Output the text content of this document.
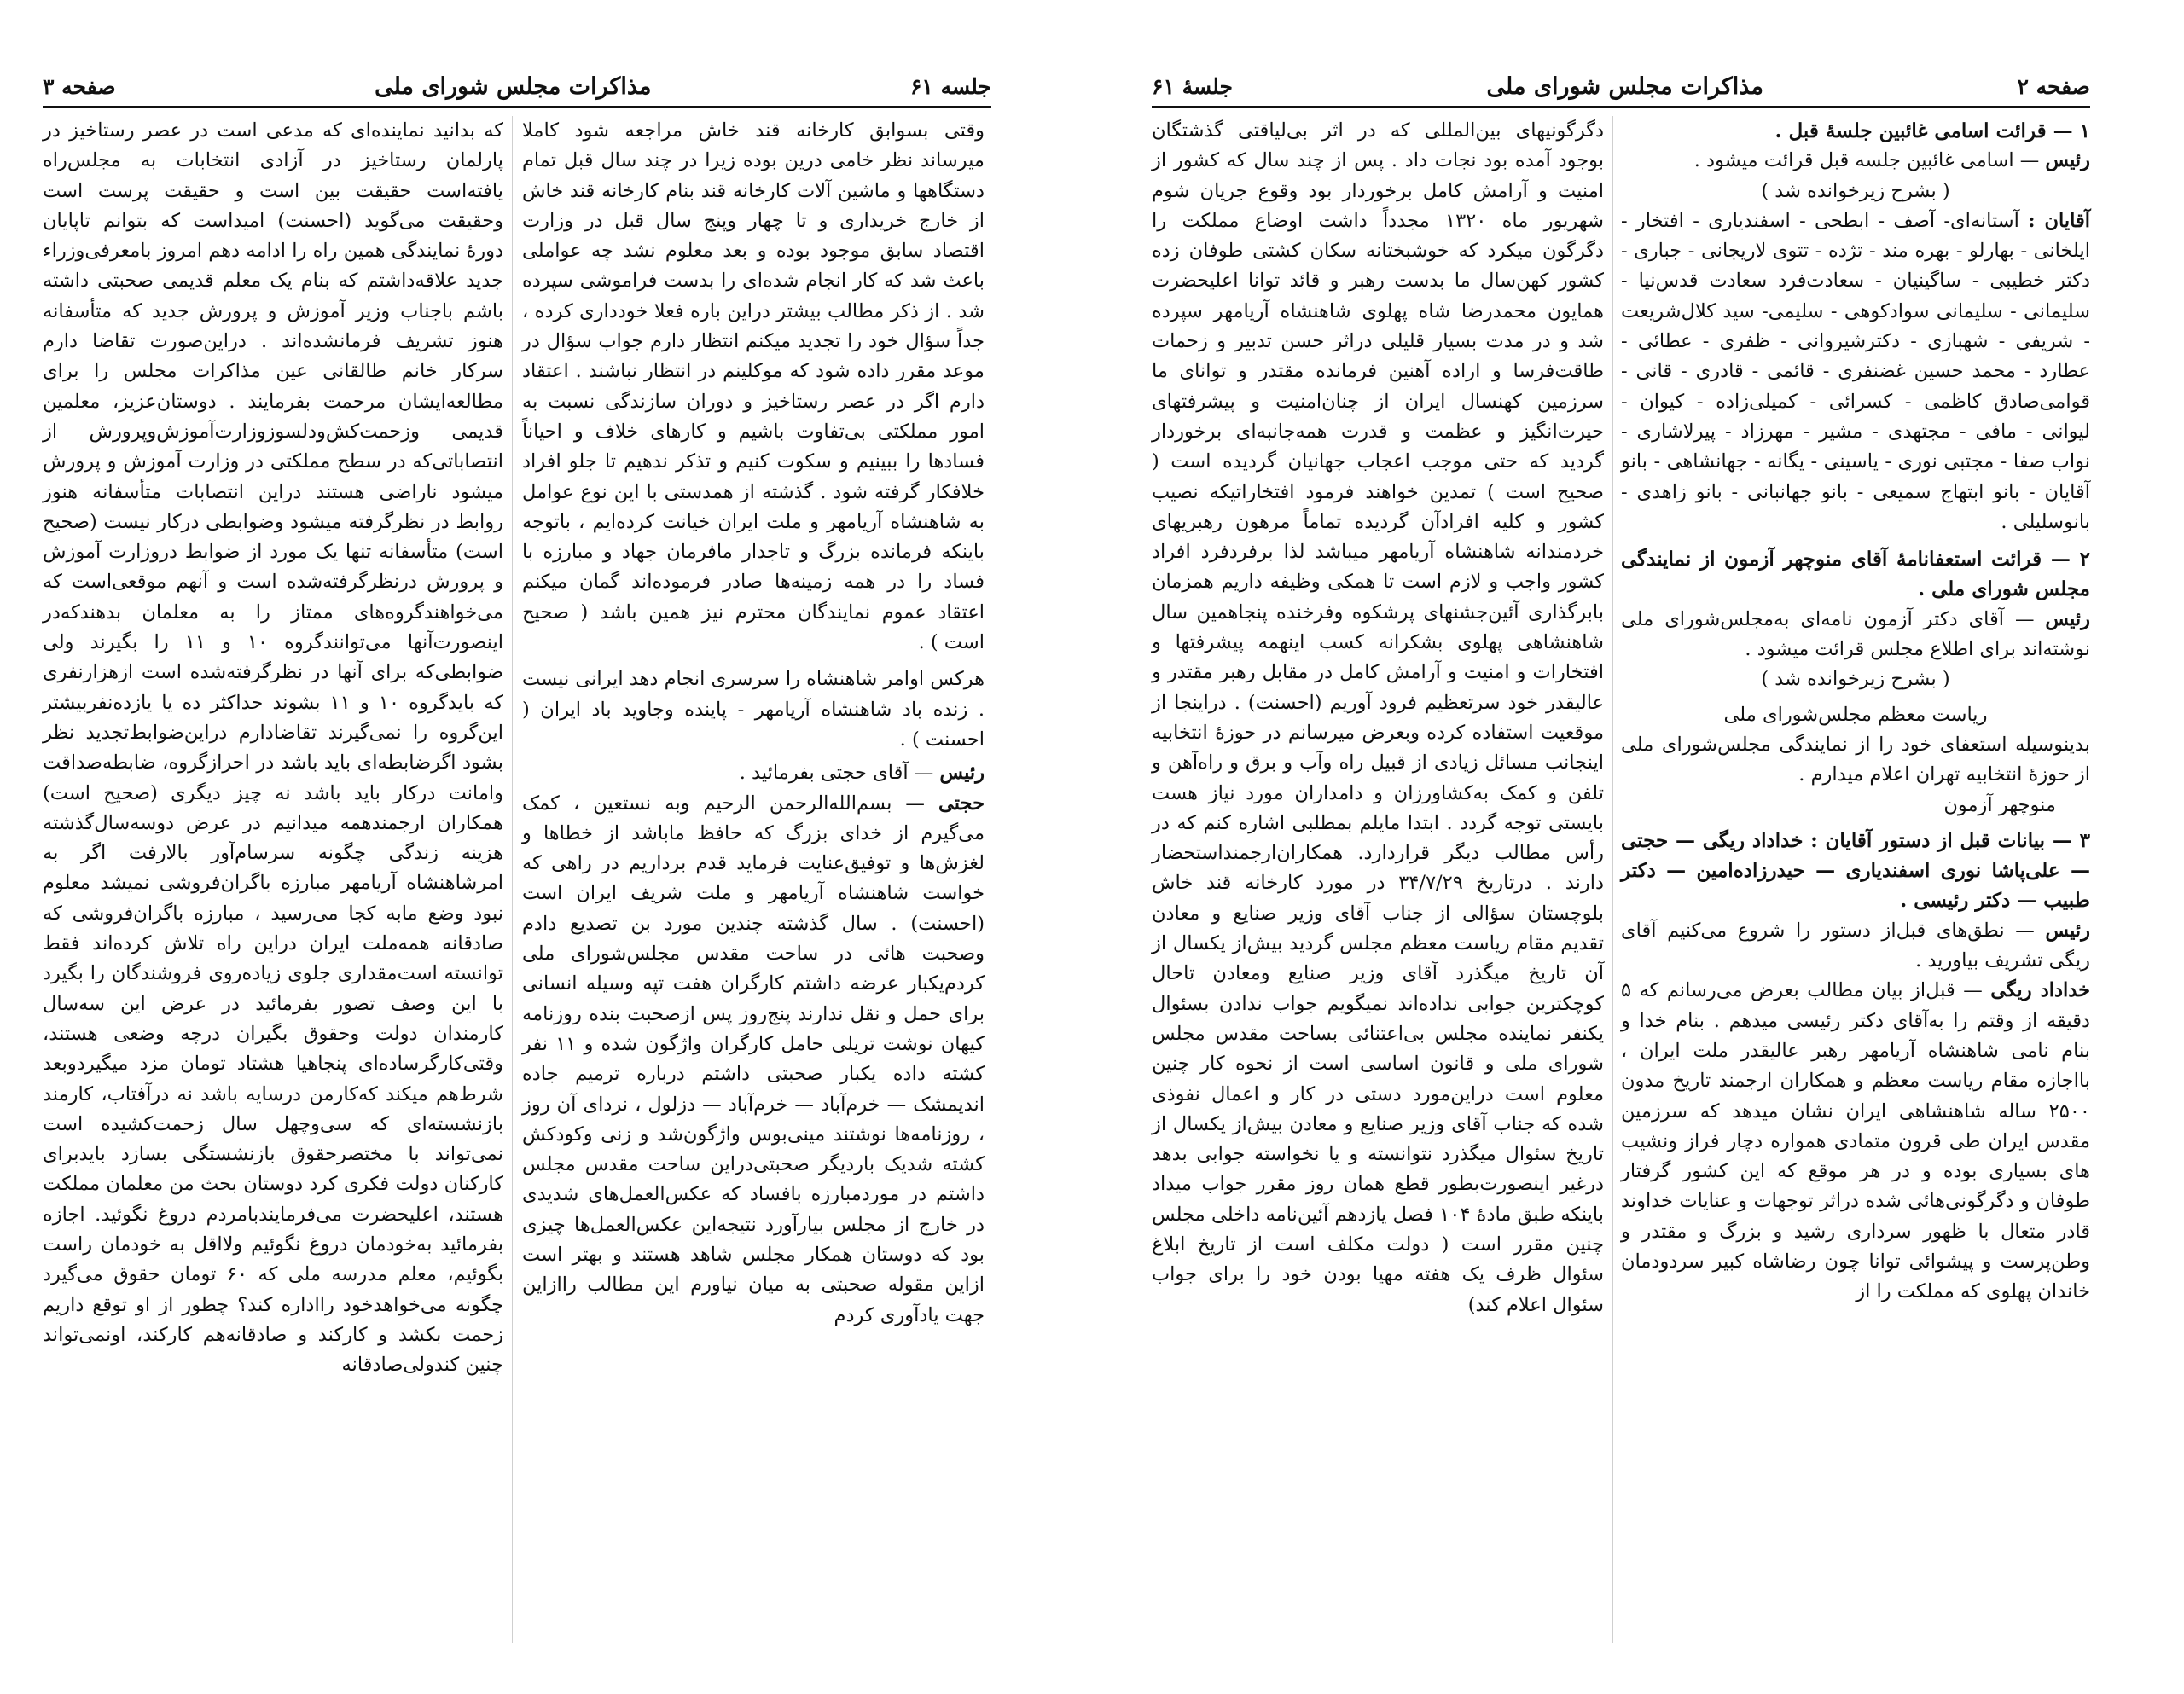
جلسه ۶۱
مذاکرات مجلس شورای ملی
صفحه ۳

وقتی بسوابق کارخانه قند خاش مراجعه شود کاملا میرساند نظر خامی درین بوده زیرا در چند سال قبل تمام دستگاهها و ماشین آلات کارخانه قند بنام کارخانه قند خاش از خارج خریداری و تا چهار وپنج سال قبل در وزارت اقتصاد سابق موجود بوده و بعد معلوم نشد چه عواملی باعث شد که کار انجام شده‌ای را بدست فراموشی سپرده شد . از ذکر مطالب بیشتر دراین باره فعلا خودداری کرده ، جداً سؤال خود را تجدید میکنم انتظار دارم جواب سؤال در موعد مقرر داده شود که موکلینم در انتظار نباشند . اعتقاد دارم اگر در عصر رستاخیز و دوران سازندگی نسبت به امور مملکتی بی‌تفاوت باشیم و کارهای خلاف و احیاناً فسادها را ببینیم و سکوت کنیم و تذکر ندهیم تا جلو افراد خلافکار گرفته شود . گذشته از همدستی با این نوع عوامل به شاهنشاه آریامهر و ملت ایران خیانت کرده‌ایم ، باتوجه باینکه فرمانده بزرگ و تاجدار مافرمان جهاد و مبارزه با فساد را در همه زمینه‌ها صادر فرموده‌اند گمان میکنم اعتقاد عموم نمایندگان محترم نیز همین باشد ( صحیح است ) .

هرکس اوامر شاهنشاه را سرسری انجام دهد ایرانی نیست . زنده باد شاهنشاه آریامهر - پاینده وجاوید باد ایران ( احسنت ) .

رئیس — آقای حجتی بفرمائید .

حجتی — بسم‌الله‌الرحمن الرحیم وبه نستعین ، کمک می‌گیرم از خدای بزرگ که حافظ ماباشد از خطاها و لغزش‌ها و توفیق‌عنایت فرماید قدم برداریم در راهی که خواست شاهنشاه آریامهر و ملت شریف ایران است (احسنت) . سال گذشته چندین مورد بن تصدیع دادم وصحبت هائی در ساحت مقدس مجلس‌شورای ملی کردم‌یکبار عرضه داشتم کارگران هفت تپه وسیله انسانی برای حمل و نقل ندارند پنج‌روز پس ازصحبت بنده روزنامه کیهان نوشت تریلی حامل کارگران واژگون شده و ۱۱ نفر کشته داده یکبار صحبتی داشتم درباره ترمیم جاده اندیمشک — خرم‌آباد — خرم‌آباد — دزلول ، نردای آن روز ، روزنامه‌ها نوشتند مینی‌بوس واژگون‌شد و زنی وکودکش کشته شدیک باردیگر صحبتی‌دراین ساحت مقدس مجلس داشتم در موردمبارزه بافساد که عکس‌العمل‌های شدیدی در خارج از مجلس بیارآورد نتیجه‌این عکس‌العمل‌ها چیزی بود که دوستان همکار مجلس شاهد هستند و بهتر است ازاین مقوله صحبتی به میان نیاورم این مطالب راازاین جهت یادآوری کردم

که بدانید نماینده‌ای که مدعی است در عصر رستاخیز در پارلمان رستاخیز در آزادی انتخابات به مجلس‌راه یافته‌است حقیقت بین است و حقیقت پرست است وحقیقت می‌گوید (احسنت) امیداست که بتوانم تاپایان دورهٔ نمایندگی همین راه را ادامه دهم امروز بامعرفی‌وزراء جدید علاقه‌داشتم که بنام یک معلم قدیمی صحبتی داشته باشم باجناب وزیر آموزش و پرورش جدید که متأسفانه هنوز تشریف فرمانشده‌اند . دراین‌صورت تقاضا دارم سرکار خانم طالقانی عین مذاکرات مجلس را برای مطالعه‌ایشان مرحمت بفرمایند . دوستان‌عزیز، معلمین قدیمی وزحمت‌کش‌ودلسوزوزارت‌آموزش‌وپرورش از انتصاباتی‌که در سطح مملکتی در وزارت آموزش و پرورش میشود ناراضی هستند دراین انتصابات متأسفانه هنوز روابط در نظرگرفته میشود وضوابطی درکار نیست (صحیح است) متأسفانه تنها یک مورد از ضوابط دروزارت آموزش و پرورش درنظرگرفته‌شده است و آنهم موقعی‌است که می‌خواهندگروه‌های ممتاز را به معلمان بدهندکه‌در اینصورت‌آنها می‌توانندگروه ۱۰ و ۱۱ را بگیرند ولی ضوابطی‌که برای آنها در نظرگرفته‌شده است ازهزارنفری که بایدگروه ۱۰ و ۱۱ بشوند حداکثر ده یا یازده‌نفربیشتر این‌گروه را نمی‌گیرند تقاضادارم دراین‌ضوابط‌تجدید نظر بشود اگرضابطه‌ای باید باشد در احرازگروه، ضابطه‌صداقت وامانت درکار باید باشد نه چیز دیگری (صحیح است) همکاران ارجمندهمه میدانیم در عرض دوسه‌سال‌گذشته هزینه زندگی چگونه سرسام‌آور بالارفت اگر به امرشاهنشاه آریامهر مبارزه باگران‌فروشی نمیشد معلوم نبود وضع مابه کجا می‌رسید ، مبارزه باگران‌فروشی که صادقانه همه‌ملت ایران دراین راه تلاش کرده‌اند فقط توانسته است‌مقداری جلوی زیاده‌روی فروشندگان را بگیرد با این وصف تصور بفرمائید در عرض این سه‌سال کارمندان دولت وحقوق بگیران درچه وضعی هستند، وقتی‌کارگرساده‌ای پنجاهیا هشتاد تومان مزد میگیردوبعد شرط‌هم میکند که‌کارمن درسایه باشد نه درآفتاب، کارمند بازنشسته‌ای که سی‌وچهل سال زحمت‌کشیده است نمی‌تواند با مختصرحقوق بازنشستگی بسازد بایدبرای کارکنان دولت فکری کرد دوستان بحث من معلمان مملکت هستند، اعلیحضرت می‌فرمایندبامردم دروغ نگوئید. اجازه بفرمائید به‌خودمان دروغ نگوئیم ولااقل به خودمان راست بگوئیم، معلم مدرسه ملی که ۶۰ تومان حقوق می‌گیرد چگونه می‌خواهدخود رااداره کند؟ چطور از او توقع داریم زحمت بکشد و کارکند و صادقانه‌هم کارکند، اونمی‌تواند چنین کندولی‌صادقانه

صفحه ۲
مذاکرات مجلس شورای ملی
جلسهٔ ۶۱

۱ — قرائت اسامی غائبین جلسهٔ قبل .

رئیس — اسامی غائبین جلسه قبل قرائت میشود .

( بشرح زیرخوانده شد )

آقایان : آستانه‌ای- آصف - ابطحی - اسفندیاری - افتخار - ایلخانی - بهارلو - بهره مند - تژده - تتوی لاریجانی - جباری - دکتر خطیبی - ساگینیان - سعادت‌فرد سعادت قدس‌نیا - سلیمانی - سلیمانی سوادکوهی - سلیمی- سید کلال‌شریعت - شریفی - شهبازی - دکترشیروانی - ظفری - عطائی - عطارد - محمد حسین غضنفری - قائمی - قادری - قانی - قوامی‌صادق کاظمی - کسرائی - کمیلی‌زاده - کیوان - لیوانی - مافی - مجتهدی - مشیر - مهرزاد - پیرلاشاری - نواب صفا - مجتبی نوری - یاسینی - یگانه - جهانشاهی - بانو آقایان - بانو ابتهاج سمیعی - بانو جهانبانی - بانو زاهدی - بانوسلیلی .

۲ — قرائت استعفانامهٔ آقای منوچهر آزمون از نمایندگی مجلس شورای ملی .

رئیس — آقای دکتر آزمون نامه‌ای به‌مجلس‌شورای ملی نوشته‌اند برای اطلاع مجلس قرائت میشود .

( بشرح زیرخوانده شد )

ریاست معظم مجلس‌شورای ملی

بدینوسیله استعفای خود را از نمایندگی مجلس‌شورای ملی از حوزهٔ انتخابیه تهران اعلام میدارم .

منوچهر آزمون

۳ — بیانات قبل از دستور آقایان : خداداد ریگی — حجتی — علی‌پاشا نوری اسفندیاری — حیدرزاده‌امین — دکتر طبیب — دکتر رئیسی .

رئیس — نطق‌های قبل‌از دستور را شروع می‌کنیم آقای ریگی تشریف بیاورید .

خداداد ریگی — قبل‌از بیان مطالب بعرض می‌رسانم که ۵ دقیقه از وقتم را به‌آقای دکتر رئیسی میدهم . بنام خدا و بنام نامی شاهنشاه آریامهر رهبر عالیقدر ملت ایران ، بااجازه مقام ریاست معظم و همکاران ارجمند تاریخ مدون ۲۵۰۰ ساله شاهنشاهی ایران نشان میدهد که سرزمین مقدس ایران طی قرون متمادی همواره دچار فراز ونشیب های بسیاری بوده و در هر موقع که این کشور گرفتار طوفان و دگرگونی‌هائی شده دراثر توجهات و عنایات خداوند قادر متعال با ظهور سرداری رشید و بزرگ و مقتدر و وطن‌پرست و پیشوائی توانا چون رضاشاه کبیر سردودمان خاندان پهلوی که مملکت را از

دگرگونیهای بین‌المللی که در اثر بی‌لیاقتی گذشتگان بوجود آمده بود نجات داد . پس از چند سال که کشور از امنیت و آرامش کامل برخوردار بود وقوع جریان شوم شهریور ماه ۱۳۲۰ مجدداً داشت اوضاع مملکت را دگرگون میکرد که خوشبختانه سکان کشتی طوفان زده کشور کهن‌سال ما بدست رهبر و قائد توانا اعلیحضرت همایون محمدرضا شاه پهلوی شاهنشاه آریامهر سپرده شد و در مدت بسیار قلیلی دراثر حسن تدبیر و زحمات طاقت‌فرسا و اراده آهنین فرمانده مقتدر و توانای ما سرزمین کهنسال ایران از چنان‌امنیت و پیشرفتهای حیرت‌انگیز و عظمت و قدرت همه‌جانبه‌ای برخوردار گردید که حتی موجب اعجاب جهانیان گردیده است ( صحیح است ) تمدین خواهند فرمود افتخاراتیکه نصیب کشور و کلیه افرادآن گردیده تماماً مرهون رهبریهای خردمندانه شاهنشاه آریامهر میباشد لذا برفردفرد افراد کشور واجب و لازم است تا همکی وظیفه داریم همزمان بابرگذاری آئین‌جشنهای پرشکوه وفرخنده پنجاهمین سال شاهنشاهی پهلوی بشکرانه کسب اینهمه پیشرفتها و افتخارات و امنیت و آرامش کامل در مقابل رهبر مقتدر و عالیقدر خود سرتعظیم فرود آوریم (احسنت) . دراینجا از موقعیت استفاده کرده وبعرض میرسانم در حوزهٔ انتخابیه اینجانب مسائل زیادی از قبیل راه وآب و برق و راه‌آهن و تلفن و کمک به‌کشاورزان و دامداران مورد نیاز هست بایستی توجه گردد . ابتدا مایلم بمطلبی اشاره کنم که در رأس مطالب دیگر قراردارد. همکاران‌ارجمنداستحضار دارند . درتاریخ ۳۴/۷/۲۹ در مورد کارخانه قند خاش بلوچستان سؤالی از جناب آقای وزیر صنایع و معادن تقدیم مقام ریاست معظم مجلس گردید بیش‌از یکسال از آن تاریخ میگذرد آقای وزیر صنایع ومعادن تاحال کوچکترین جوابی نداده‌اند نمیگویم جواب ندادن بسئوال یکنفر نماینده مجلس بی‌اعتنائی بساحت مقدس مجلس شورای ملی و قانون اساسی است از نحوه کار چنین معلوم است دراین‌مورد دستی در کار و اعمال نفوذی شده که جناب آقای وزیر صنایع و معادن بیش‌از یکسال از تاریخ سئوال میگذرد نتوانسته و یا نخواسته جوابی بدهد درغیر اینصورت‌بطور قطع همان روز مقرر جواب میداد باینکه طبق مادهٔ ۱۰۴ فصل یازدهم آئین‌نامه داخلی مجلس چنین مقرر است ( دولت مکلف است از تاریخ ابلاغ سئوال ظرف یک هفته مهیا بودن خود را برای جواب سئوال اعلام کند)
